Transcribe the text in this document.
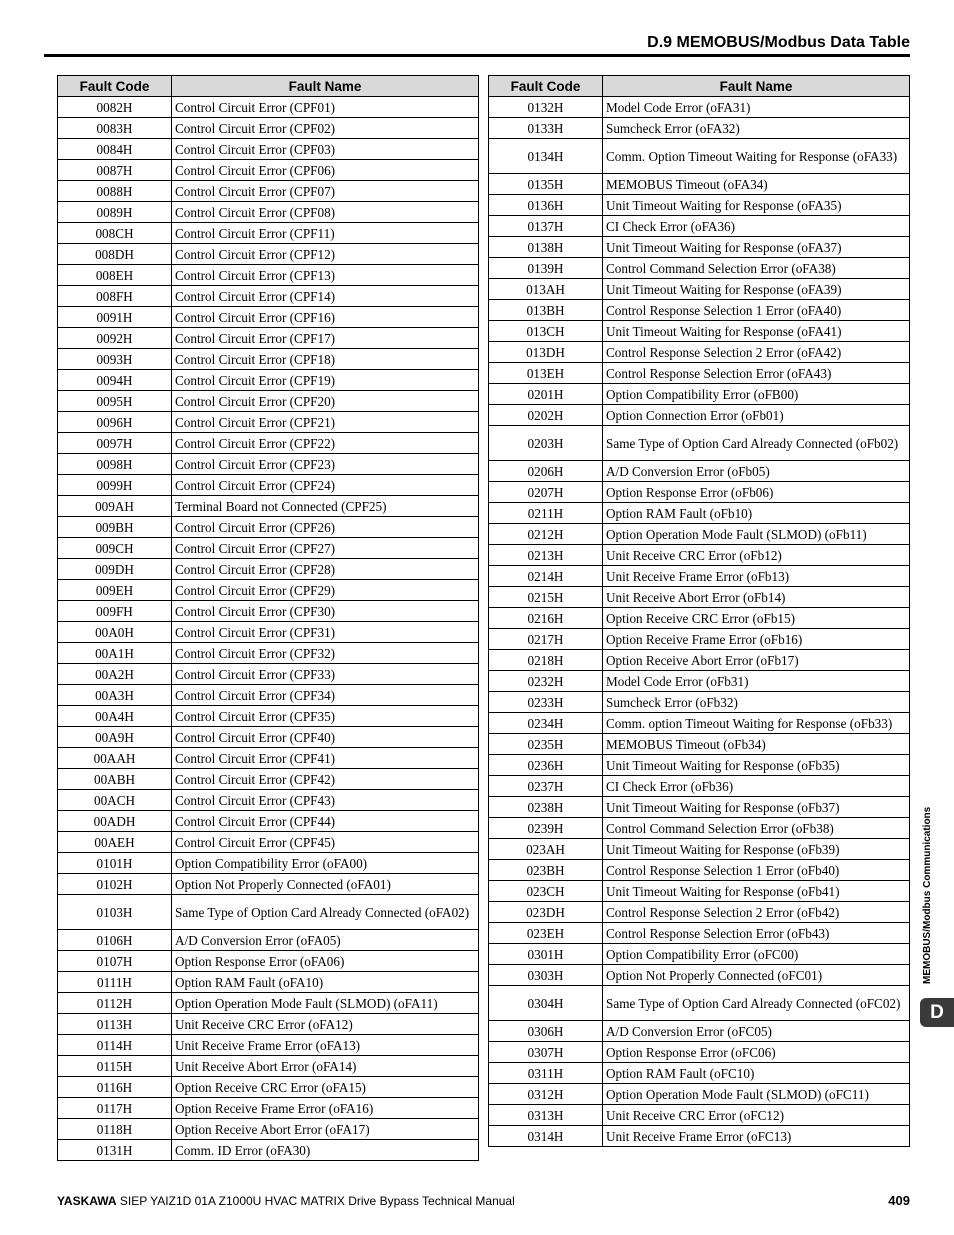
D.9 MEMOBUS/Modbus Data Table
Fault Code	Fault Name
0082H	Control Circuit Error (CPF01)
0083H	Control Circuit Error (CPF02)
0084H	Control Circuit Error (CPF03)
0087H	Control Circuit Error (CPF06)
0088H	Control Circuit Error (CPF07)
0089H	Control Circuit Error (CPF08)
008CH	Control Circuit Error (CPF11)
008DH	Control Circuit Error (CPF12)
008EH	Control Circuit Error (CPF13)
008FH	Control Circuit Error (CPF14)
0091H	Control Circuit Error (CPF16)
0092H	Control Circuit Error (CPF17)
0093H	Control Circuit Error (CPF18)
0094H	Control Circuit Error (CPF19)
0095H	Control Circuit Error (CPF20)
0096H	Control Circuit Error (CPF21)
0097H	Control Circuit Error (CPF22)
0098H	Control Circuit Error (CPF23)
0099H	Control Circuit Error (CPF24)
009AH	Terminal Board not Connected (CPF25)
009BH	Control Circuit Error (CPF26)
009CH	Control Circuit Error (CPF27)
009DH	Control Circuit Error (CPF28)
009EH	Control Circuit Error (CPF29)
009FH	Control Circuit Error (CPF30)
00A0H	Control Circuit Error (CPF31)
00A1H	Control Circuit Error (CPF32)
00A2H	Control Circuit Error (CPF33)
00A3H	Control Circuit Error (CPF34)
00A4H	Control Circuit Error (CPF35)
00A9H	Control Circuit Error (CPF40)
00AAH	Control Circuit Error (CPF41)
00ABH	Control Circuit Error (CPF42)
00ACH	Control Circuit Error (CPF43)
00ADH	Control Circuit Error (CPF44)
00AEH	Control Circuit Error (CPF45)
0101H	Option Compatibility Error (oFA00)
0102H	Option Not Properly Connected (oFA01)
0103H	Same Type of Option Card Already Connected (oFA02)
0106H	A/D Conversion Error (oFA05)
0107H	Option Response Error (oFA06)
0111H	Option RAM Fault (oFA10)
0112H	Option Operation Mode Fault (SLMOD) (oFA11)
0113H	Unit Receive CRC Error (oFA12)
0114H	Unit Receive Frame Error (oFA13)
0115H	Unit Receive Abort Error (oFA14)
0116H	Option Receive CRC Error (oFA15)
0117H	Option Receive Frame Error (oFA16)
0118H	Option Receive Abort Error (oFA17)
0131H	Comm. ID Error (oFA30)
Fault Code	Fault Name
0132H	Model Code Error (oFA31)
0133H	Sumcheck Error (oFA32)
0134H	Comm. Option Timeout Waiting for Response (oFA33)
0135H	MEMOBUS Timeout (oFA34)
0136H	Unit Timeout Waiting for Response (oFA35)
0137H	CI Check Error (oFA36)
0138H	Unit Timeout Waiting for Response (oFA37)
0139H	Control Command Selection Error (oFA38)
013AH	Unit Timeout Waiting for Response (oFA39)
013BH	Control Response Selection 1 Error (oFA40)
013CH	Unit Timeout Waiting for Response (oFA41)
013DH	Control Response Selection 2 Error (oFA42)
013EH	Control Response Selection Error (oFA43)
0201H	Option Compatibility Error (oFB00)
0202H	Option Connection Error (oFb01)
0203H	Same Type of Option Card Already Connected (oFb02)
0206H	A/D Conversion Error (oFb05)
0207H	Option Response Error (oFb06)
0211H	Option RAM Fault (oFb10)
0212H	Option Operation Mode Fault (SLMOD) (oFb11)
0213H	Unit Receive CRC Error (oFb12)
0214H	Unit Receive Frame Error (oFb13)
0215H	Unit Receive Abort Error (oFb14)
0216H	Option Receive CRC Error (oFb15)
0217H	Option Receive Frame Error (oFb16)
0218H	Option Receive Abort Error (oFb17)
0232H	Model Code Error (oFb31)
0233H	Sumcheck Error (oFb32)
0234H	Comm. option Timeout Waiting for Response (oFb33)
0235H	MEMOBUS Timeout (oFb34)
0236H	Unit Timeout Waiting for Response (oFb35)
0237H	CI Check Error (oFb36)
0238H	Unit Timeout Waiting for Response (oFb37)
0239H	Control Command Selection Error (oFb38)
023AH	Unit Timeout Waiting for Response (oFb39)
023BH	Control Response Selection 1 Error (oFb40)
023CH	Unit Timeout Waiting for Response (oFb41)
023DH	Control Response Selection 2 Error (oFb42)
023EH	Control Response Selection Error (oFb43)
0301H	Option Compatibility Error (oFC00)
0303H	Option Not Properly Connected (oFC01)
0304H	Same Type of Option Card Already Connected (oFC02)
0306H	A/D Conversion Error (oFC05)
0307H	Option Response Error (oFC06)
0311H	Option RAM Fault (oFC10)
0312H	Option Operation Mode Fault (SLMOD) (oFC11)
0313H	Unit Receive CRC Error (oFC12)
0314H	Unit Receive Frame Error (oFC13)
MEMOBUS/Modbus Communications
D
YASKAWA SIEP YAIZ1D 01A Z1000U HVAC MATRIX Drive Bypass Technical Manual	409
